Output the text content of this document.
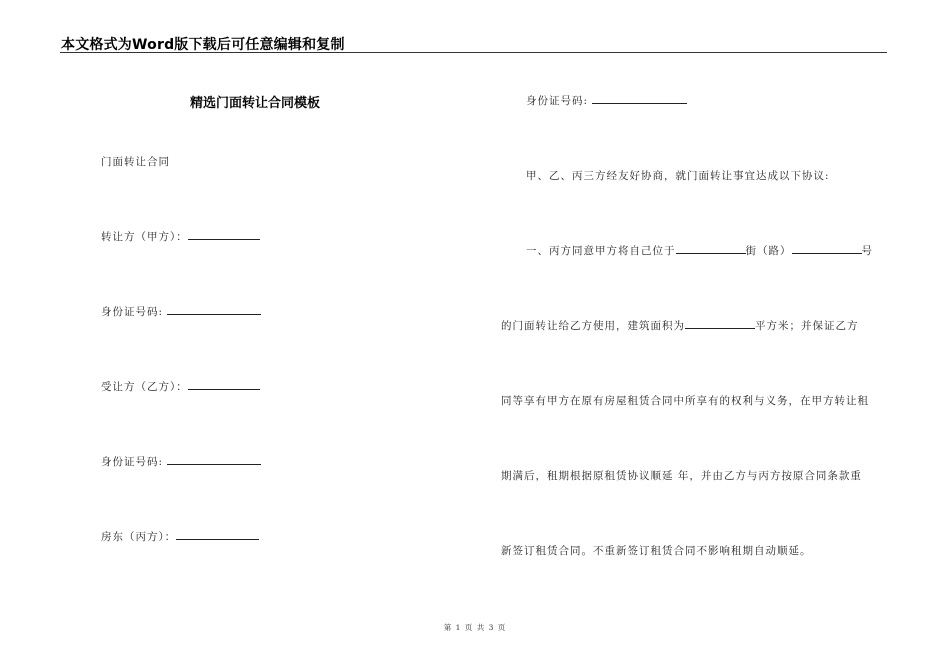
本文格式为Word版下载后可任意编辑和复制
精选门面转让合同模板
门面转让合同
转让方（甲方）：
身份证号码:
受让方（乙方）：
身份证号码:
房东（丙方）：
身份证号码:
甲、乙、丙三方经友好协商，就门面转让事宜达成以下协议:
一、丙方同意甲方将自己位于	街（路）	号
的门面转让给乙方使用，建筑面积为	平方米；并保证乙方
同等享有甲方在原有房屋租赁合同中所享有的权利与义务，在甲方转让租
期满后，租期根据原租赁协议顺延 年，并由乙方与丙方按原合同条款重
新签订租赁合同。不重新签订租赁合同不影响租期自动顺延。
第 1 页 共 3 页
